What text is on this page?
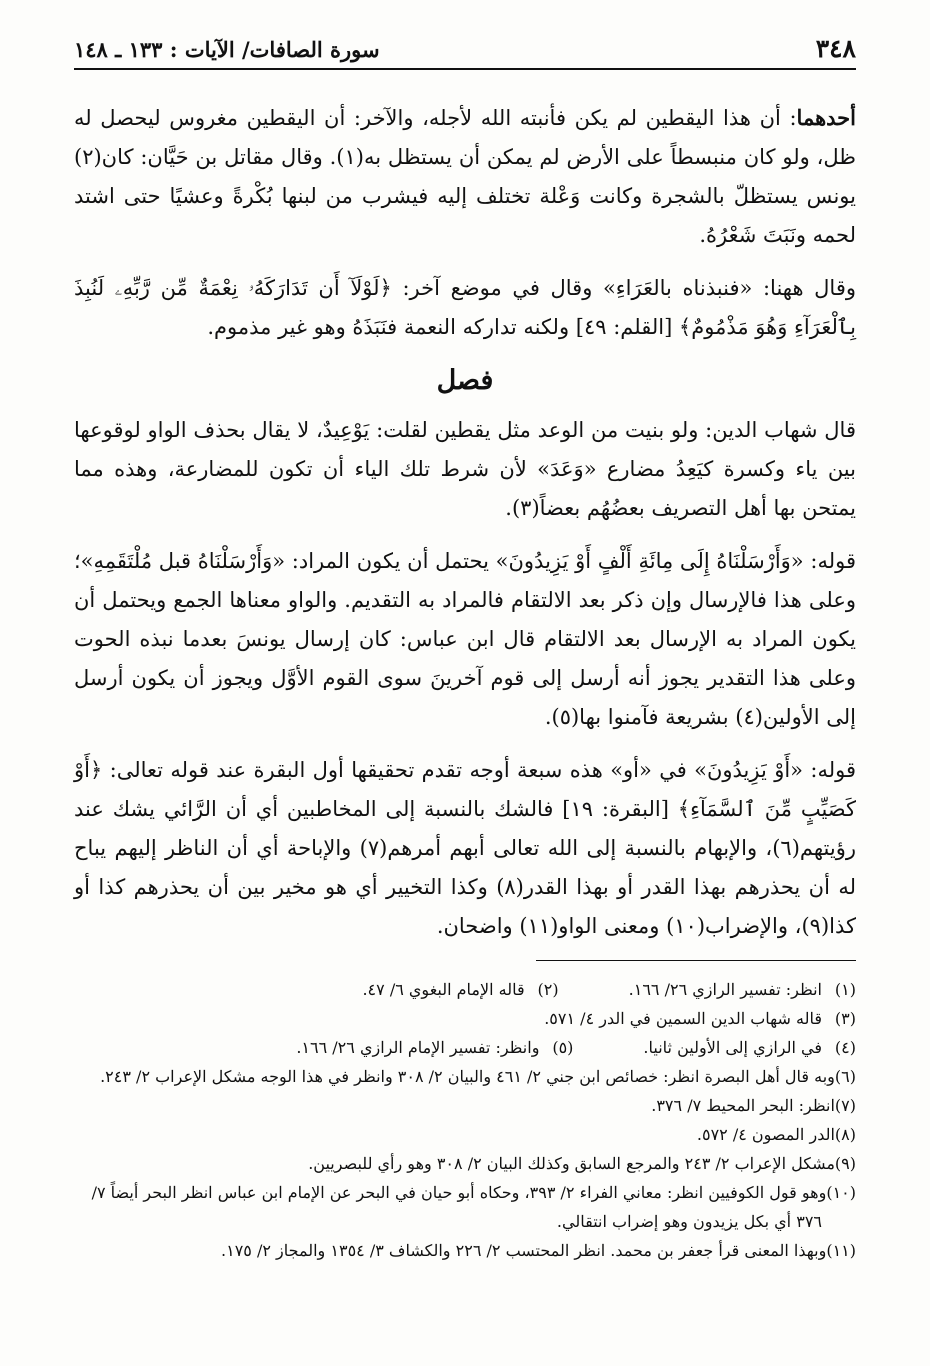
٣٤٨
سورة الصافات/ الآيات : ١٣٣ ـ ١٤٨

أحدهما: أن هذا اليقطين لم يكن فأنبته الله لأجله، والآخر: أن اليقطين مغروس ليحصل له ظل، ولو كان منبسطاً على الأرض لم يمكن أن يستظل به(١). وقال مقاتل بن حَيَّان: كان(٢) يونس يستظلّ بالشجرة وكانت وَعْلة تختلف إليه فيشرب من لبنها بُكْرةً وعشيًا حتى اشتد لحمه ونَبَتَ شَعْرُهُ.

وقال ههنا: «فنبذناه بالعَرَاءِ» وقال في موضع آخر: ﴿لَوْلَآ أَن تَدَارَكَهُۥ نِعْمَةٌ مِّن رَّبِّهِۦ لَنُبِذَ بِٱلْعَرَآءِ وَهُوَ مَذْمُومٌ﴾ [القلم: ٤٩] ولكنه تداركه النعمة فنَبَذَهُ وهو غير مذموم.

فصل

قال شهاب الدين: ولو بنيت من الوعد مثل يقطين لقلت: يَوْعِيدٌ، لا يقال بحذف الواو لوقوعها بين ياء وكسرة كيَعِدُ مضارع «وَعَدَ» لأن شرط تلك الياء أن تكون للمضارعة، وهذه مما يمتحن بها أهل التصريف بعضُهُم بعضاً(٣).

قوله: «وَأَرْسَلْنَاهُ إِلَى مِائَةِ أَلْفٍ أَوْ يَزِيدُونَ» يحتمل أن يكون المراد: «وَأَرْسَلْنَاهُ قبل مُلْتَقَمِهِ»؛ وعلى هذا فالإرسال وإن ذكر بعد الالتقام فالمراد به التقديم. والواو معناها الجمع ويحتمل أن يكون المراد به الإرسال بعد الالتقام قال ابن عباس: كان إرسال يونسَ بعدما نبذه الحوت وعلى هذا التقدير يجوز أنه أرسل إلى قوم آخرينَ سوى القوم الأوَّل ويجوز أن يكون أرسل إلى الأولين(٤) بشريعة فآمنوا بها(٥).

قوله: «أَوْ يَزِيدُونَ» في «أو» هذه سبعة أوجه تقدم تحقيقها أول البقرة عند قوله تعالى: ﴿أَوْ كَصَيِّبٍ مِّنَ ٱلسَّمَآءِ﴾ [البقرة: ١٩] فالشك بالنسبة إلى المخاطبين أي أن الرَّائي يشك عند رؤيتهم(٦)، والإبهام بالنسبة إلى الله تعالى أبهم أمرهم(٧) والإباحة أي أن الناظر إليهم يباح له أن يحذرهم بهذا القدر أو بهذا القدر(٨) وكذا التخيير أي هو مخير بين أن يحذرهم كذا أو كذا(٩)، والإضراب(١٠) ومعنى الواو(١١) واضحان.

(١)انظر: تفسير الرازي ٢٦/ ١٦٦.
(٢)قاله الإمام البغوي ٦/ ٤٧.
(٣)قاله شهاب الدين السمين في الدر ٤/ ٥٧١.
(٤)في الرازي إلى الأولين ثانيا.
(٥)وانظر: تفسير الإمام الرازي ٢٦/ ١٦٦.
(٦)وبه قال أهل البصرة انظر: خصائص ابن جني ٢/ ٤٦١ والبيان ٢/ ٣٠٨ وانظر في هذا الوجه مشكل الإعراب ٢/ ٢٤٣.
(٧)انظر: البحر المحيط ٧/ ٣٧٦.
(٨)الدر المصون ٤/ ٥٧٢.
(٩)مشكل الإعراب ٢/ ٢٤٣ والمرجع السابق وكذلك البيان ٢/ ٣٠٨ وهو رأي للبصريين.
(١٠)وهو قول الكوفيين انظر: معاني الفراء ٢/ ٣٩٣، وحكاه أبو حيان في البحر عن الإمام ابن عباس انظر البحر أيضاً ٧/ ٣٧٦ أي بكل يزيدون وهو إضراب انتقالي.
(١١)وبهذا المعنى قرأ جعفر بن محمد. انظر المحتسب ٢/ ٢٢٦ والكشاف ٣/ ١٣٥٤ والمجاز ٢/ ١٧٥.
